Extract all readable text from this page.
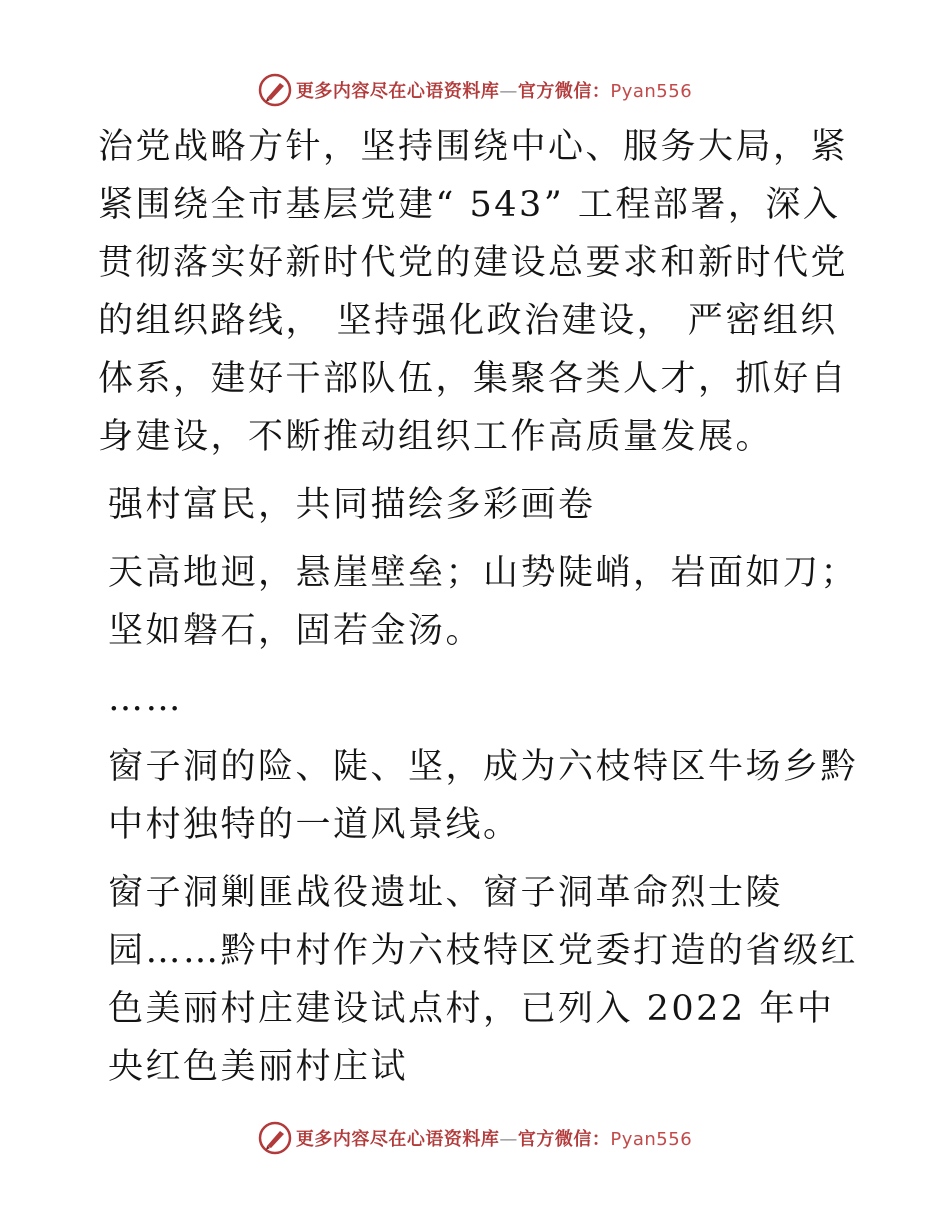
更多内容尽在心语资料库—官方微信：Pyan556

治党战略方针，坚持围绕中心、服务大局，紧紧围绕全市基层党建“ 543” 工程部署，深入贯彻落实好新时代党的建设总要求和新时代党的组织路线， 坚持强化政治建设， 严密组织体系，建好干部队伍，集聚各类人才，抓好自身建设，不断推动组织工作高质量发展。

强村富民，共同描绘多彩画卷

天高地迥，悬崖壁垒；山势陡峭，岩面如刀；坚如磐石，固若金汤。

……

窗子洞的险、陡、坚，成为六枝特区牛场乡黔中村独特的一道风景线。

窗子洞剿匪战役遗址、窗子洞革命烈士陵园……黔中村作为六枝特区党委打造的省级红色美丽村庄建设试点村，已列入 2022 年中央红色美丽村庄试

更多内容尽在心语资料库—官方微信：Pyan556
